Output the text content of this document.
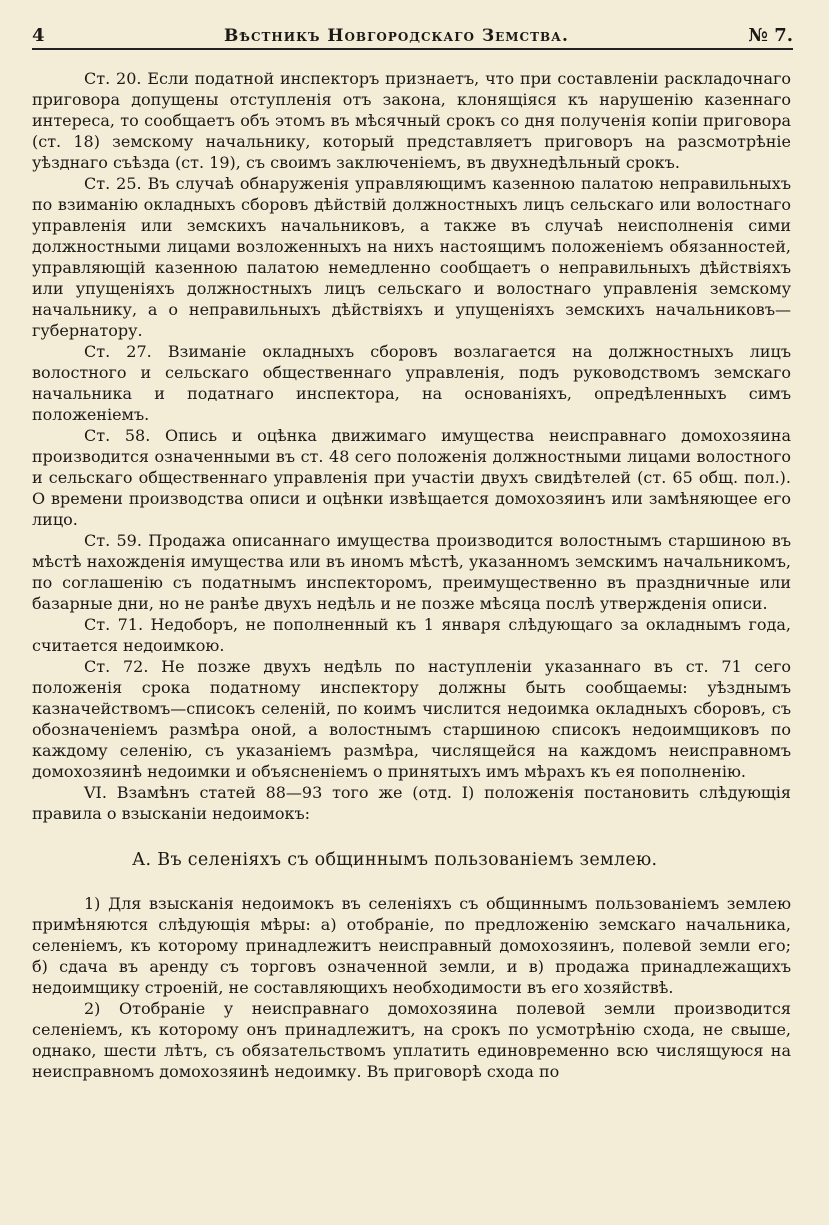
4	Вѣстникъ Новгородскаго Земства.	№ 7.

Ст. 20. Если податной инспекторъ признаетъ, что при составленіи раскладочнаго приговора допущены отступленія отъ закона, клонящіяся къ нарушенію казеннаго интереса, то сообщаетъ объ этомъ въ мѣсячный срокъ со дня полученія копіи приговора (ст. 18) земскому начальнику, который представляетъ приговоръ на разсмотрѣніе уѣзднаго съѣзда (ст. 19), съ своимъ заключеніемъ, въ двухнедѣльный срокъ.

Ст. 25. Въ случаѣ обнаруженія управляющимъ казенною палатою неправильныхъ по взиманію окладныхъ сборовъ дѣйствій должностныхъ лицъ сельскаго или волостнаго управленія или земскихъ начальниковъ, а также въ случаѣ неисполненія сими должностными лицами возложенныхъ на нихъ настоящимъ положеніемъ обязанностей, управляющій казенною палатою немедленно сообщаетъ о неправильныхъ дѣйствіяхъ или упущеніяхъ должностныхъ лицъ сельскаго и волостнаго управленія земскому начальнику, а о неправильныхъ дѣйствіяхъ и упущеніяхъ земскихъ начальниковъ—губернатору.

Ст. 27. Взиманіе окладныхъ сборовъ возлагается на должностныхъ лицъ волостного и сельскаго общественнаго управленія, подъ руководствомъ земскаго начальника и податнаго инспектора, на основаніяхъ, опредѣленныхъ симъ положеніемъ.

Ст. 58. Опись и оцѣнка движимаго имущества неисправнаго домохозяина производится означенными въ ст. 48 сего положенія должностными лицами волостного и сельскаго общественнаго управленія при участіи двухъ свидѣтелей (ст. 65 общ. пол.). О времени производства описи и оцѣнки извѣщается домохозяинъ или замѣняющее его лицо.

Ст. 59. Продажа описаннаго имущества производится волостнымъ старшиною въ мѣстѣ нахожденія имущества или въ иномъ мѣстѣ, указанномъ земскимъ начальникомъ, по соглашенію съ податнымъ инспекторомъ, преимущественно въ праздничные или базарные дни, но не ранѣе двухъ недѣль и не позже мѣсяца послѣ утвержденія описи.

Ст. 71. Недоборъ, не пополненный къ 1 января слѣдующаго за окладнымъ года, считается недоимкою.

Ст. 72. Не позже двухъ недѣль по наступленіи указаннаго въ ст. 71 сего положенія срока податному инспектору должны быть сообщаемы: уѣзднымъ казначействомъ—списокъ селеній, по коимъ числится недоимка окладныхъ сборовъ, съ обозначеніемъ размѣра оной, а волостнымъ старшиною списокъ недоимщиковъ по каждому селенію, съ указаніемъ размѣра, числящейся на каждомъ неисправномъ домохозяинѣ недоимки и объясненіемъ о принятыхъ имъ мѣрахъ къ ея пополненію.

VI. Взамѣнъ статей 88—93 того же (отд. I) положенія постановить слѣдующія правила о взысканіи недоимокъ:

А. Въ селеніяхъ съ общиннымъ пользованіемъ землею.

1) Для взысканія недоимокъ въ селеніяхъ съ общиннымъ пользованіемъ землею примѣняются слѣдующія мѣры: а) отобраніе, по предложенію земскаго начальника, селеніемъ, къ которому принадлежитъ неисправный домохозяинъ, полевой земли его; б) сдача въ аренду съ торговъ означенной земли, и в) продажа принадлежащихъ недоимщику строеній, не составляющихъ необходимости въ его хозяйствѣ.

2) Отобраніе у неисправнаго домохозяина полевой земли производится селеніемъ, къ которому онъ принадлежитъ, на срокъ по усмотрѣнію схода, не свыше, однако, шести лѣтъ, съ обязательствомъ уплатить единовременно всю числящуюся на неисправномъ домохозяинѣ недоимку. Въ приговорѣ схода по
